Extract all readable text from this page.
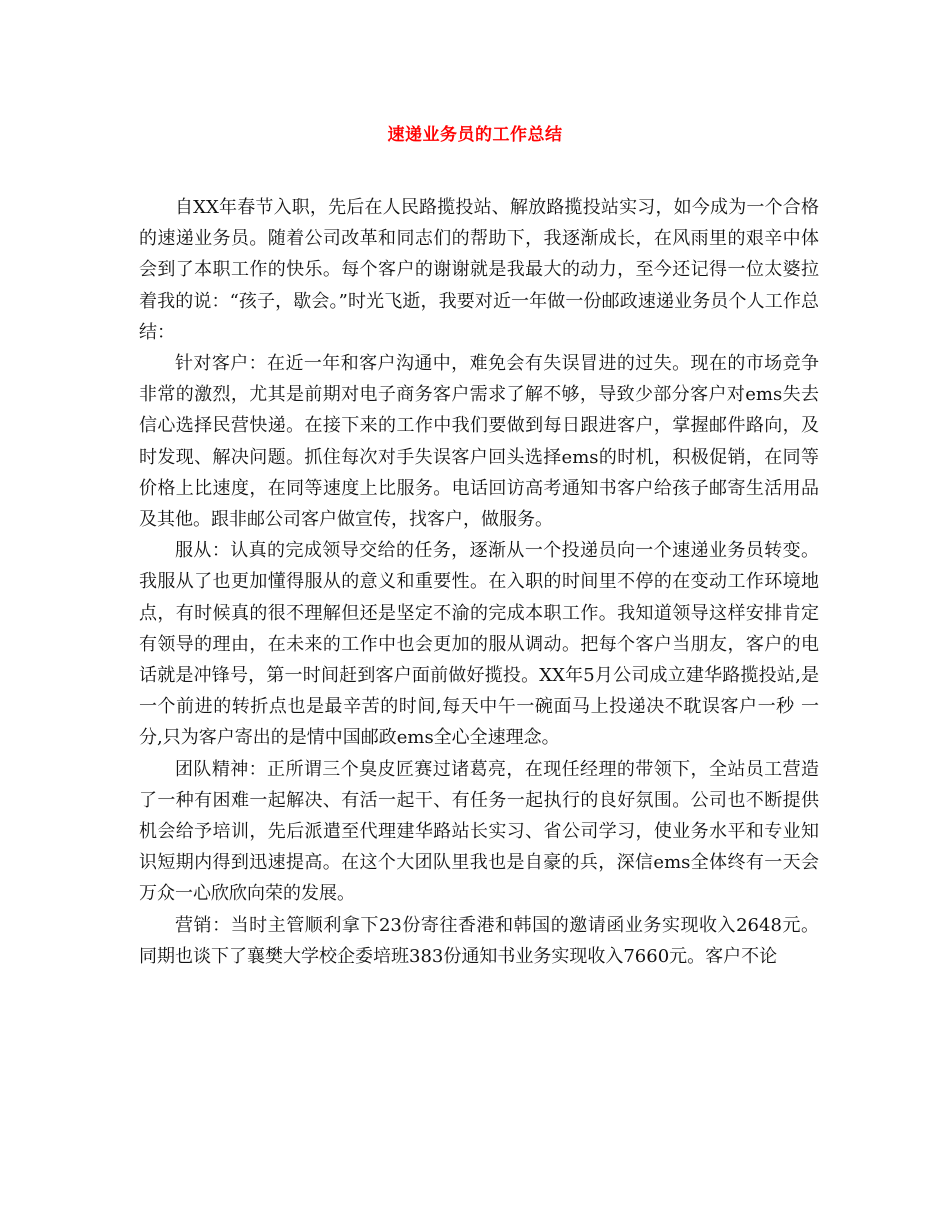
速递业务员的工作总结

自XX年春节入职，先后在人民路揽投站、解放路揽投站实习，如今成为一个合格的速递业务员。随着公司改革和同志们的帮助下，我逐渐成长，在风雨里的艰辛中体会到了本职工作的快乐。每个客户的谢谢就是我最大的动力，至今还记得一位太婆拉着我的说：“孩子，歇会。”时光飞逝，我要对近一年做一份邮政速递业务员个人工作总结：

针对客户：在近一年和客户沟通中，难免会有失误冒进的过失。现在的市场竞争非常的激烈，尤其是前期对电子商务客户需求了解不够，导致少部分客户对ems失去信心选择民营快递。在接下来的工作中我们要做到每日跟进客户，掌握邮件路向，及时发现、解决问题。抓住每次对手失误客户回头选择ems的时机，积极促销，在同等价格上比速度，在同等速度上比服务。电话回访高考通知书客户给孩子邮寄生活用品及其他。跟非邮公司客户做宣传，找客户，做服务。

服从：认真的完成领导交给的任务，逐渐从一个投递员向一个速递业务员转变。我服从了也更加懂得服从的意义和重要性。在入职的时间里不停的在变动工作环境地点，有时候真的很不理解但还是坚定不渝的完成本职工作。我知道领导这样安排肯定有领导的理由，在未来的工作中也会更加的服从调动。把每个客户当朋友，客户的电话就是冲锋号，第一时间赶到客户面前做好揽投。XX年5月公司成立建华路揽投站,是一个前进的转折点也是最辛苦的时间,每天中午一碗面马上投递决不耽误客户一秒 一分,只为客户寄出的是情中国邮政ems全心全速理念。

团队精神：正所谓三个臭皮匠赛过诸葛亮，在现任经理的带领下，全站员工营造了一种有困难一起解决、有活一起干、有任务一起执行的良好氛围。公司也不断提供机会给予培训，先后派遣至代理建华路站长实习、省公司学习，使业务水平和专业知识短期内得到迅速提高。在这个大团队里我也是自豪的兵，深信ems全体终有一天会万众一心欣欣向荣的发展。

营销：当时主管顺利拿下23份寄往香港和韩国的邀请函业务实现收入2648元。同期也谈下了襄樊大学校企委培班383份通知书业务实现收入7660元。客户不论
